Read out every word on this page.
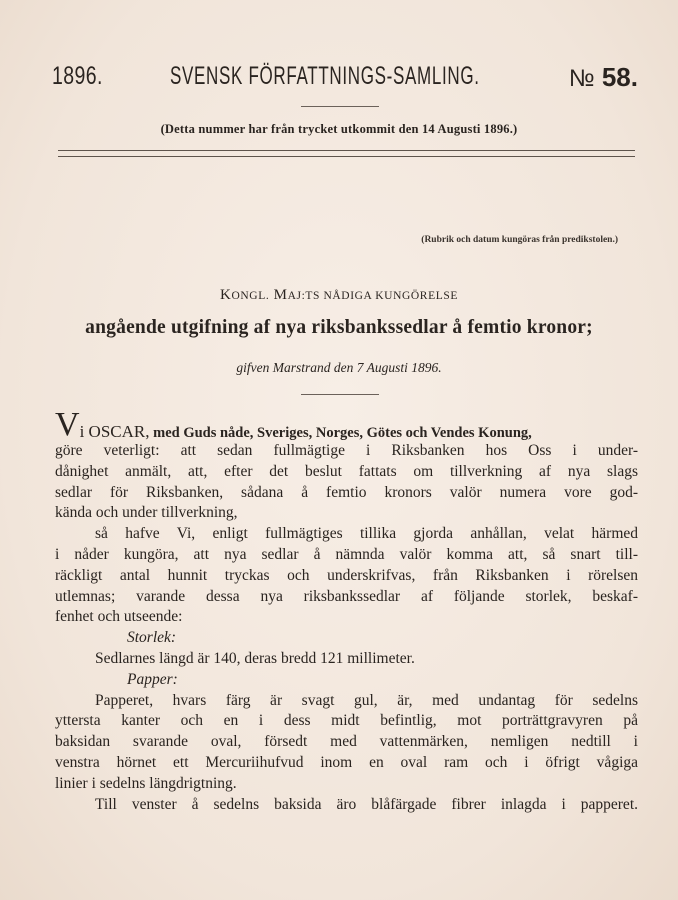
1896.	SVENSK FÖRFATTNINGS-SAMLING.	№ 58.
(Detta nummer har från trycket utkommit den 14 Augusti 1896.)
(Rubrik och datum kungöras från predikstolen.)
KONGL. MAJ:TS NÅDIGA KUNGÖRELSE
angående utgifning af nya riksbankssedlar å femtio kronor;
gifven Marstrand den 7 Augusti 1896.
Vi OSCAR, med Guds nåde, Sveriges, Norges, Götes och Vendes Konung,
göre veterligt: att sedan fullmägtige i Riksbanken hos Oss i under-
dånighet anmält, att, efter det beslut fattats om tillverkning af nya slags
sedlar för Riksbanken, sådana å femtio kronors valör numera vore god-
kända och under tillverkning,
så hafve Vi, enligt fullmägtiges tillika gjorda anhållan, velat härmed
i nåder kungöra, att nya sedlar å nämnda valör komma att, så snart till-
räckligt antal hunnit tryckas och underskrifvas, från Riksbanken i rörelsen
utlemnas; varande dessa nya riksbankssedlar af följande storlek, beskaf-
fenhet och utseende:
Storlek:
Sedlarnes längd är 140, deras bredd 121 millimeter.
Papper:
Papperet, hvars färg är svagt gul, är, med undantag för sedelns
yttersta kanter och en i dess midt befintlig, mot porträttgravyren på
baksidan svarande oval, försedt med vattenmärken, nemligen nedtill i
venstra hörnet ett Mercuriihufvud inom en oval ram och i öfrigt vågiga
linier i sedelns längdrigtning.
Till venster å sedelns baksida äro blåfärgade fibrer inlagda i papperet.
